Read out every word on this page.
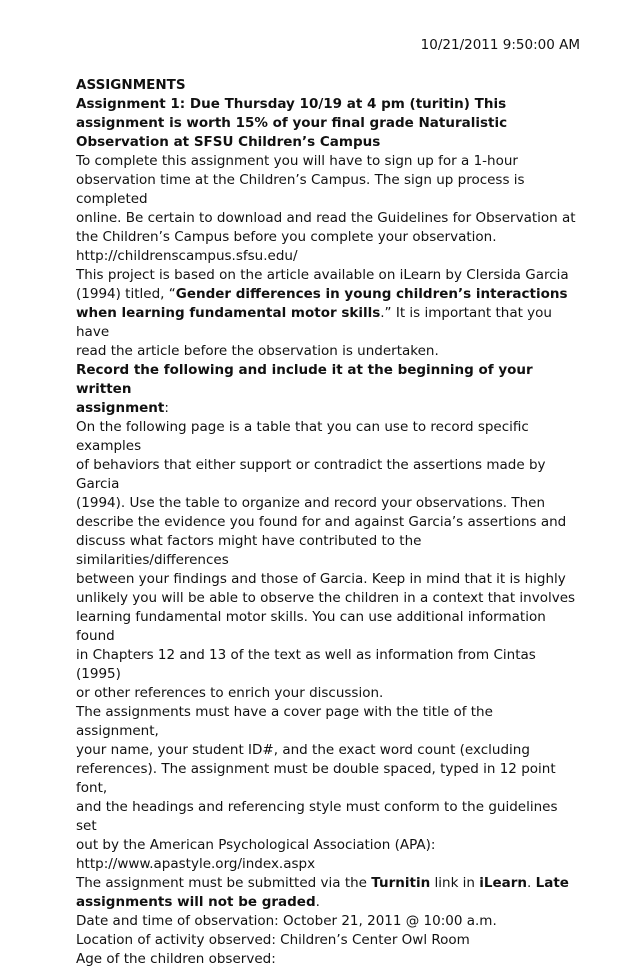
10/21/2011 9:50:00 AM

ASSIGNMENTS

Assignment 1: Due Thursday 10/19 at 4 pm (turitin) This
assignment is worth 15% of your final grade Naturalistic
Observation at SFSU Children’s Campus

To complete this assignment you will have to sign up for a 1-hour
observation time at the Children’s Campus. The sign up process is completed
online. Be certain to download and read the Guidelines for Observation at
the Children’s Campus before you complete your observation.

http://childrenscampus.sfsu.edu/

This project is based on the article available on iLearn by Clersida Garcia
(1994) titled, “Gender differences in young children’s interactions
when learning fundamental motor skills.” It is important that you have
read the article before the observation is undertaken.

Record the following and include it at the beginning of your written
assignment:

On the following page is a table that you can use to record specific examples
of behaviors that either support or contradict the assertions made by Garcia
(1994). Use the table to organize and record your observations. Then
describe the evidence you found for and against Garcia’s assertions and
discuss what factors might have contributed to the similarities/differences
between your findings and those of Garcia. Keep in mind that it is highly
unlikely you will be able to observe the children in a context that involves
learning fundamental motor skills. You can use additional information found
in Chapters 12 and 13 of the text as well as information from Cintas (1995)
or other references to enrich your discussion.

The assignments must have a cover page with the title of the assignment,
your name, your student ID#, and the exact word count (excluding
references). The assignment must be double spaced, typed in 12 point font,
and the headings and referencing style must conform to the guidelines set
out by the American Psychological Association (APA):

http://www.apastyle.org/index.aspx

The assignment must be submitted via the Turnitin link in iLearn. Late
assignments will not be graded.

Date and time of observation: October 21, 2011 @ 10:00 a.m.

Location of activity observed: Children’s Center Owl Room

Age of the children observed:
